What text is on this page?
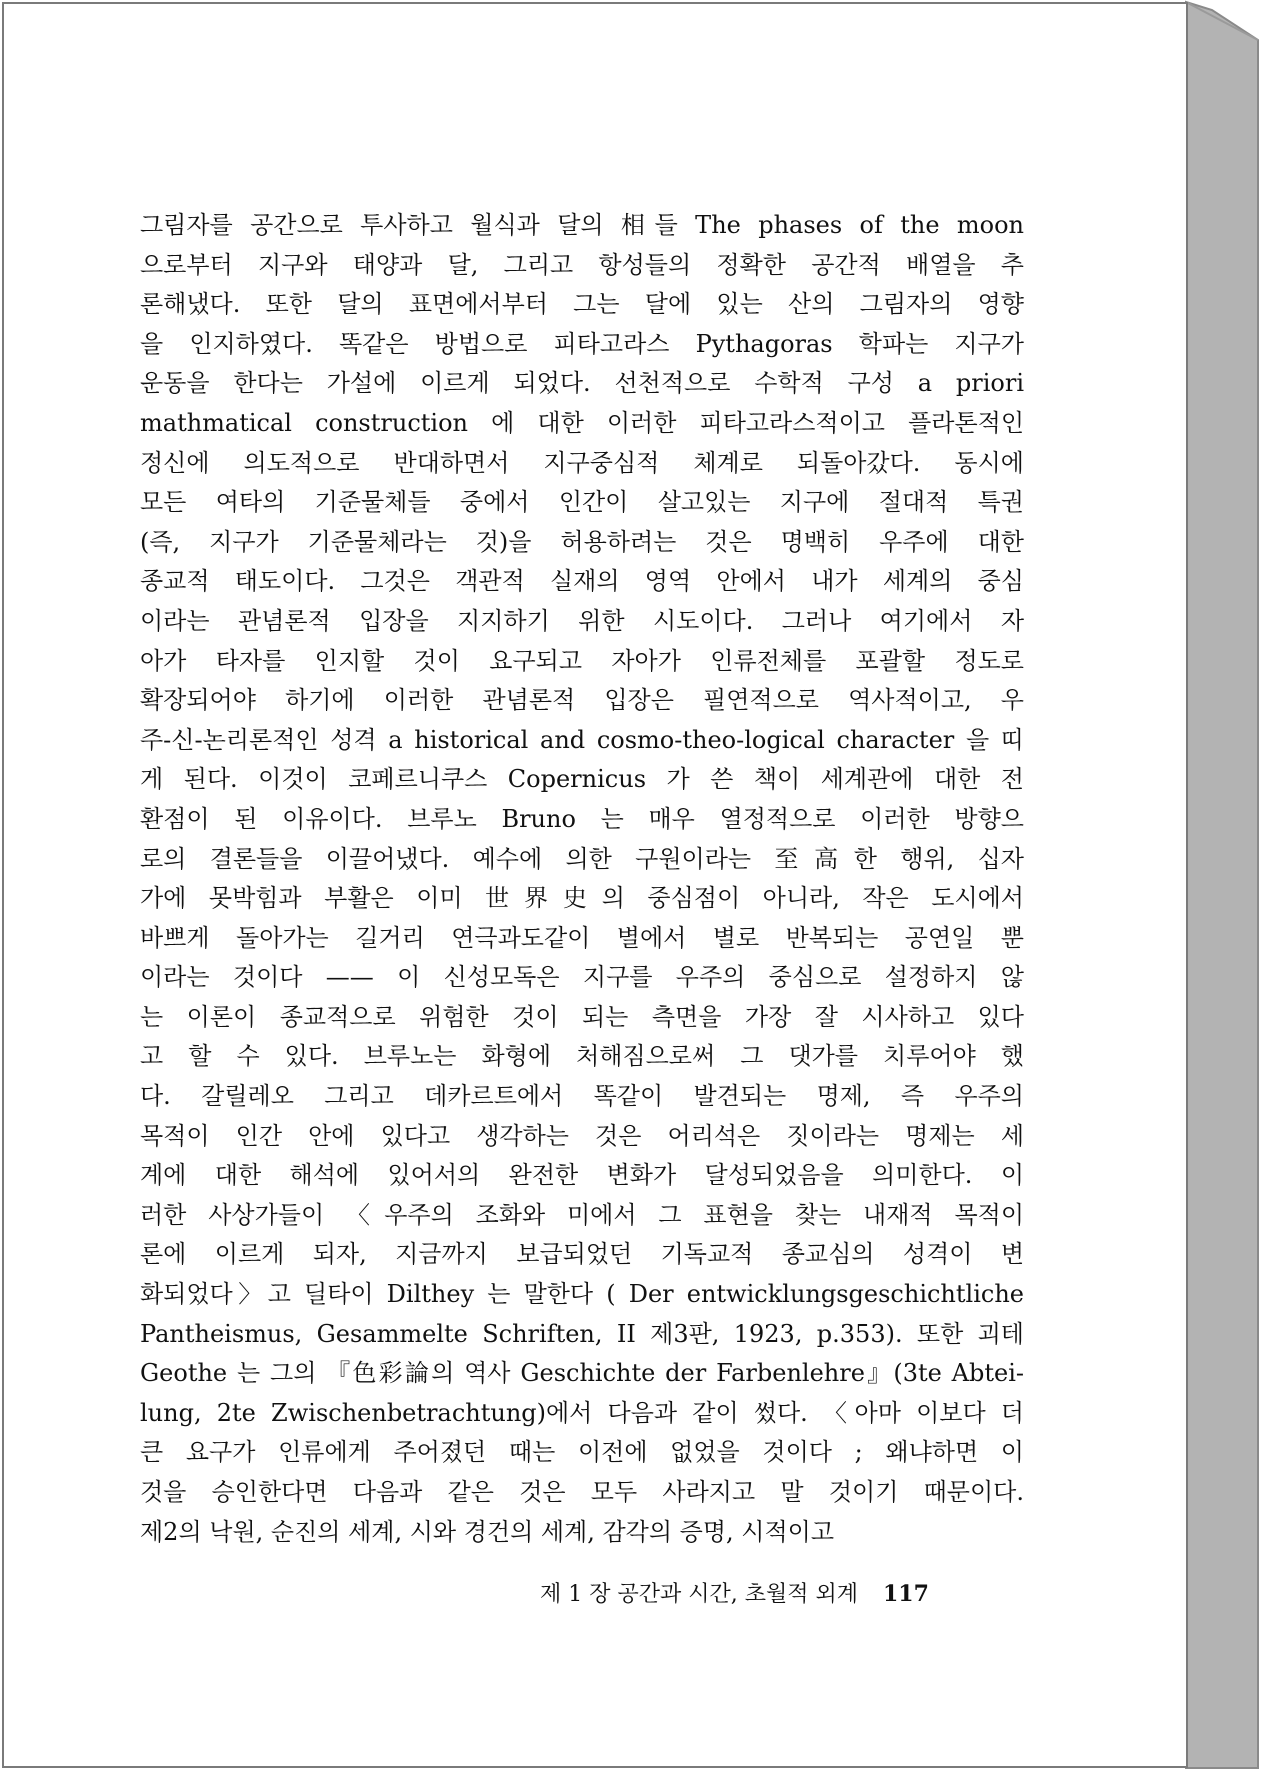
그림자를 공간으로 투사하고 월식과 달의 相들 The phases of the moon
으로부터 지구와 태양과 달, 그리고 항성들의 정확한 공간적 배열을 추
론해냈다. 또한 달의 표면에서부터 그는 달에 있는 산의 그림자의 영향
을 인지하였다. 똑같은 방법으로 피타고라스 Pythagoras 학파는 지구가
운동을 한다는 가설에 이르게 되었다. 선천적으로 수학적 구성 a priori
mathmatical construction 에 대한 이러한 피타고라스적이고 플라톤적인
정신에 의도적으로 반대하면서 지구중심적 체계로 되돌아갔다. 동시에
모든 여타의 기준물체들 중에서 인간이 살고있는 지구에 절대적 특권
(즉, 지구가 기준물체라는 것)을 허용하려는 것은 명백히 우주에 대한
종교적 태도이다. 그것은 객관적 실재의 영역 안에서 내가 세계의 중심
이라는 관념론적 입장을 지지하기 위한 시도이다. 그러나 여기에서 자
아가 타자를 인지할 것이 요구되고 자아가 인류전체를 포괄할 정도로
확장되어야 하기에 이러한 관념론적 입장은 필연적으로 역사적이고, 우
주-신-논리론적인 성격 a historical and cosmo-theo-logical character 을 띠
게 된다. 이것이 코페르니쿠스 Copernicus 가 쓴 책이 세계관에 대한 전
환점이 된 이유이다. 브루노 Bruno 는 매우 열정적으로 이러한 방향으
로의 결론들을 이끌어냈다. 예수에 의한 구원이라는 至高한 행위, 십자
가에 못박힘과 부활은 이미 世界史의 중심점이 아니라, 작은 도시에서
바쁘게 돌아가는 길거리 연극과도같이 별에서 별로 반복되는 공연일 뿐
이라는 것이다 —— 이 신성모독은 지구를 우주의 중심으로 설정하지 않
는 이론이 종교적으로 위험한 것이 되는 측면을 가장 잘 시사하고 있다
고 할 수 있다. 브루노는 화형에 처해짐으로써 그 댓가를 치루어야 했
다. 갈릴레오 그리고 데카르트에서 똑같이 발견되는 명제, 즉 우주의
목적이 인간 안에 있다고 생각하는 것은 어리석은 짓이라는 명제는 세
계에 대한 해석에 있어서의 완전한 변화가 달성되었음을 의미한다. 이
러한 사상가들이 〈우주의 조화와 미에서 그 표현을 찾는 내재적 목적이
론에 이르게 되자, 지금까지 보급되었던 기독교적 종교심의 성격이 변
화되었다〉고 딜타이 Dilthey 는 말한다 ( Der entwicklungsgeschichtliche
Pantheismus, Gesammelte Schriften, II 제3판, 1923, p.353). 또한 괴테
Geothe 는 그의 『色彩論의 역사 Geschichte der Farbenlehre』(3te Abtei-
lung, 2te Zwischenbetrachtung)에서 다음과 같이 썼다. 〈아마 이보다 더
큰 요구가 인류에게 주어졌던 때는 이전에 없었을 것이다 ; 왜냐하면 이
것을 승인한다면 다음과 같은 것은 모두 사라지고 말 것이기 때문이다.
제2의 낙원, 순진의 세계, 시와 경건의 세계, 감각의 증명, 시적이고
제 1 장 공간과 시간, 초월적 외계 117
